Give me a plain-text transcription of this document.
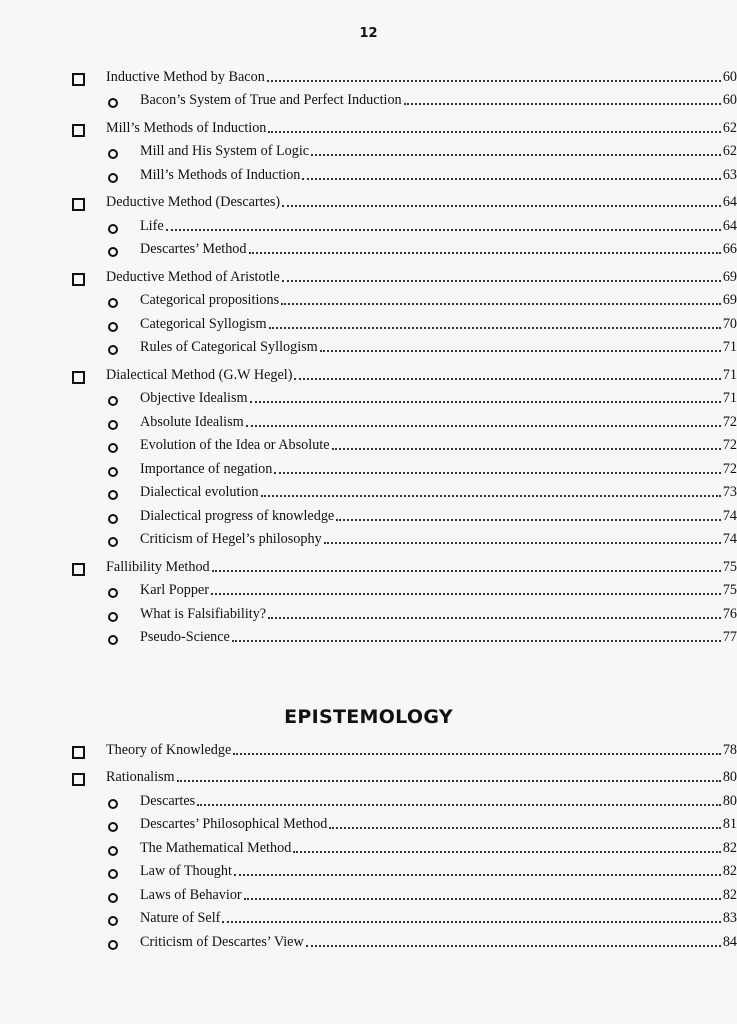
12
Inductive Method by Bacon	60
Bacon’s System of True and Perfect Induction	60
Mill’s Methods of Induction	62
Mill and His System of Logic	62
Mill’s Methods of Induction	63
Deductive Method (Descartes)	64
Life	64
Descartes’ Method	66
Deductive Method of Aristotle	69
Categorical propositions	69
Categorical Syllogism	70
Rules of Categorical Syllogism	71
Dialectical Method (G.W Hegel)	71
Objective Idealism	71
Absolute Idealism	72
Evolution of the Idea or Absolute	72
Importance of negation	72
Dialectical evolution	73
Dialectical progress of knowledge	74
Criticism of Hegel’s philosophy	74
Fallibility Method	75
Karl Popper	75
What is Falsifiability?	76
Pseudo-Science	77
EPISTEMOLOGY
Theory of Knowledge	78
Rationalism	80
Descartes	80
Descartes’ Philosophical Method	81
The Mathematical Method	82
Law of Thought	82
Laws of Behavior	82
Nature of Self	83
Criticism of Descartes’ View	84
